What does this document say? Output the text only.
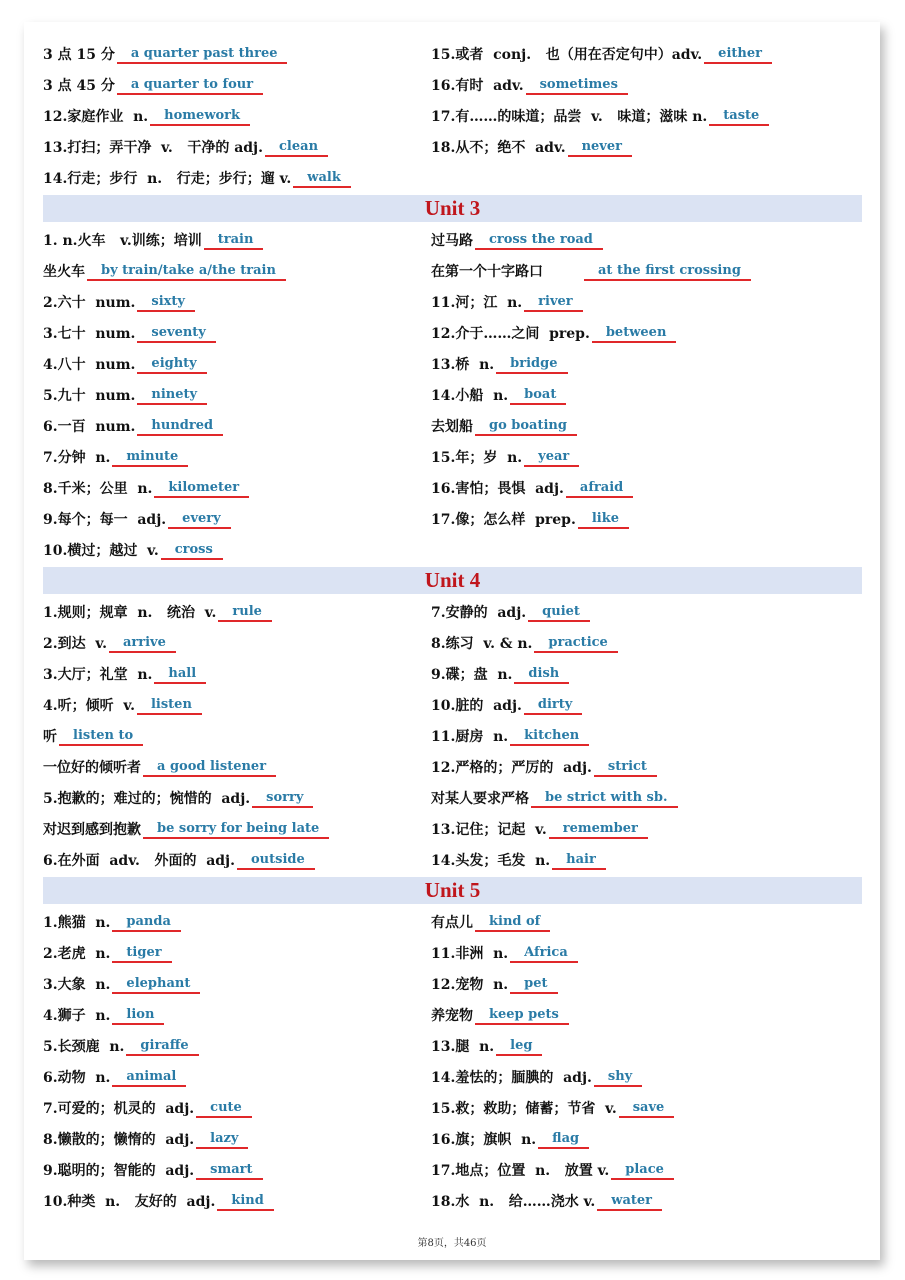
第8页，共46页
3 点 15 分	a quarter past three	15.或者  conj.   也（用在否定句中）adv.	either
3 点 45 分	a quarter to four	16.有时  adv.	sometimes
12.家庭作业  n.	homework	17.有……的味道；品尝  v.   味道；滋味 n.	taste
13.打扫；弄干净  v.   干净的 adj.	clean	18.从不；绝不  adv.	never
14.行走；步行  n.   行走；步行；遛 v.	walk
Unit 3
1. n.火车   v.训练；培训	train	过马路	cross the road
坐火车	by train/take a/the train	在第一个十字路口	at the first crossing
2.六十  num.	sixty	11.河；江  n.	river
3.七十  num.	seventy	12.介于……之间  prep.	between
4.八十  num.	eighty	13.桥  n.	bridge
5.九十  num.	ninety	14.小船  n.	boat
6.一百  num.	hundred	去划船	go boating
7.分钟  n.	minute	15.年；岁  n.	year
8.千米；公里  n.	kilometer	16.害怕；畏惧  adj.	afraid
9.每个；每一  adj.	every	17.像；怎么样  prep.	like
10.横过；越过  v.	cross
Unit 4
1.规则；规章  n.   统治  v.	rule	7.安静的  adj.	quiet
2.到达  v.	arrive	8.练习  v. & n.	practice
3.大厅；礼堂  n.	hall	9.碟；盘  n.	dish
4.听；倾听  v.	listen	10.脏的  adj.	dirty
听	listen to	11.厨房  n.	kitchen
一位好的倾听者	a good listener	12.严格的；严厉的  adj.	strict
5.抱歉的；难过的；惋惜的  adj.	sorry	对某人要求严格	be strict with sb.
对迟到感到抱歉	be sorry for being late	13.记住；记起  v.	remember
6.在外面  adv.   外面的  adj.	outside	14.头发；毛发  n.	hair
Unit 5
1.熊猫  n.	panda	有点儿	kind of
2.老虎  n.	tiger	11.非洲  n.	Africa
3.大象  n.	elephant	12.宠物  n.	pet
4.狮子  n.	lion	养宠物	keep pets
5.长颈鹿  n.	giraffe	13.腿  n.	leg
6.动物  n.	animal	14.羞怯的；腼腆的  adj.	shy
7.可爱的；机灵的  adj.	cute	15.救；救助；储蓄；节省  v.	save
8.懒散的；懒惰的  adj.	lazy	16.旗；旗帜  n.	flag
9.聪明的；智能的  adj.	smart	17.地点；位置  n.   放置 v.	place
10.种类  n.   友好的  adj.	kind	18.水  n.   给……浇水 v.	water
